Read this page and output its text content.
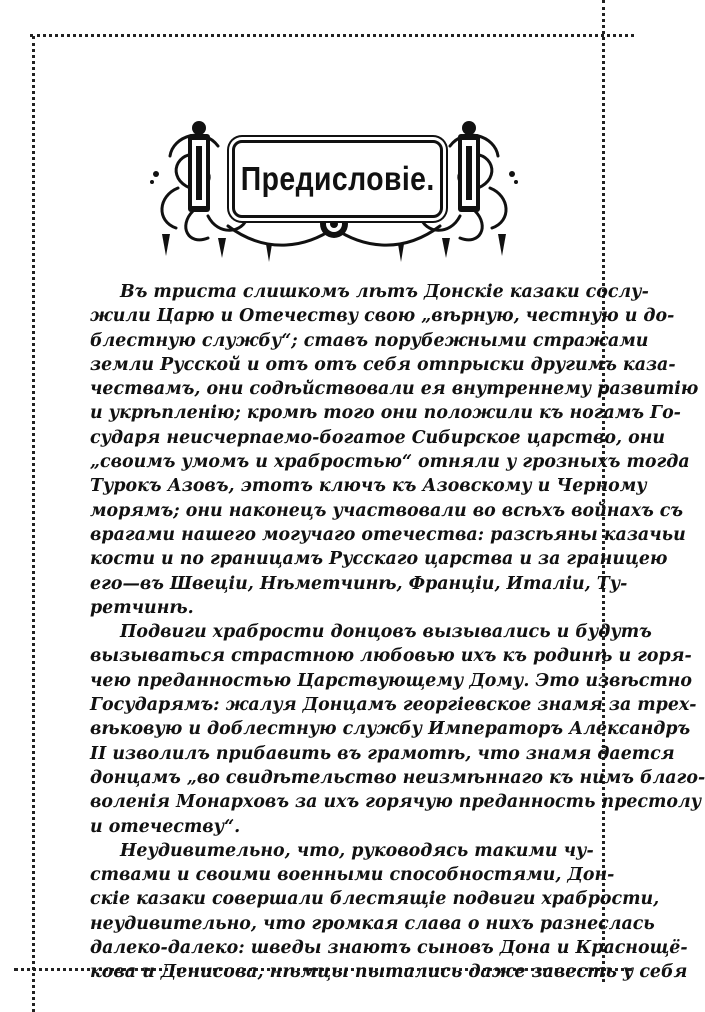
Предисловіе.
Въ триста слишкомъ лѣтъ Донскіе казаки сослу-
жили Царю и Отечеству свою „вѣрную, честную и до-
блестную службу“; ставъ порубежными стражами
земли Русской и отъ отъ себя отпрыски другимъ каза-
чествамъ, они содѣйствовали ея внутреннему развитію
и укрѣпленію; кромѣ того они положили къ ногамъ Го-
сударя неисчерпаемо-богатое Сибирское царство, они
„своимъ умомъ и храбростью“ отняли у грозныхъ тогда
Турокъ Азовъ, этотъ ключъ къ Азовскому и Черному
морямъ; они наконецъ участвовали во всѣхъ войнахъ съ
врагами нашего могучаго отечества: разсѣяны казачьи
кости и по границамъ Русскаго царства и за границею
его—въ Швеціи, Нѣметчинѣ, Франціи, Италіи, Ту-
ретчинѣ.
Подвиги храбрости донцовъ вызывались и будутъ
вызываться страстною любовью ихъ къ родинѣ и горя-
чею преданностью Царствующему Дому. Это извѣстно
Государямъ: жалуя Донцамъ георгіевское знамя за трех-
вѣковую и доблестную службу Императоръ Александръ
II изволилъ прибавить въ грамотѣ, что знамя дается
донцамъ „во свидѣтельство неизмѣннаго къ нимъ благо-
воленія Монарховъ за ихъ горячую преданность престолу
и отечеству“.
Неудивительно, что, руководясь такими чу-
ствами и своими военными способностями, Дон-
скіе казаки совершали блестящіе подвиги храбрости,
неудивительно, что громкая слава о нихъ разнеслась
далеко-далеко: шведы знаютъ сыновъ Дона и Краснощё-
кова и Денисова, нѣмцы пытались даже завесть у себя
